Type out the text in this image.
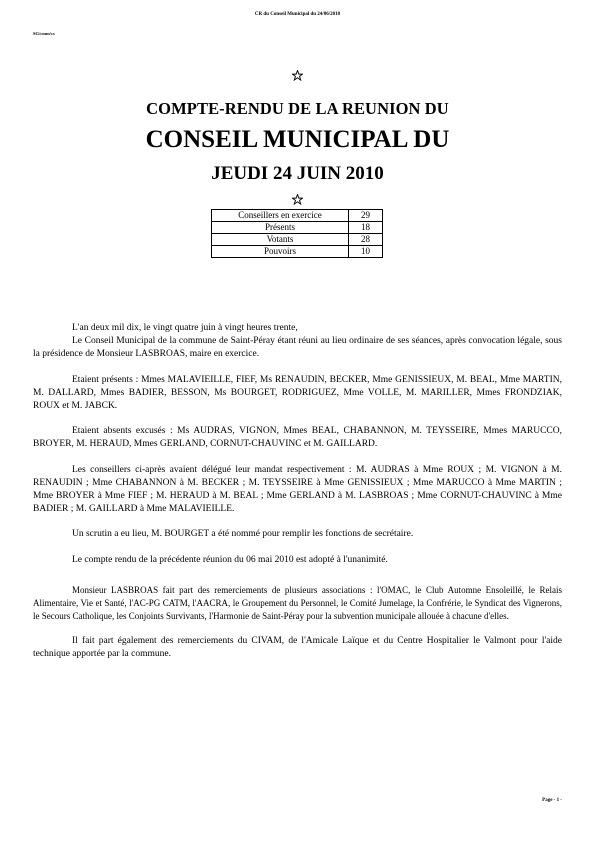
CR du Conseil Municipal du 24/06/2010
SG/cmm/cs
COMPTE-RENDU DE LA REUNION DU
CONSEIL MUNICIPAL DU
JEUDI 24 JUIN 2010
Conseillers en exercice	29
Présents	18
Votants	28
Pouvoirs	10

L'an deux mil dix, le vingt quatre juin à vingt heures trente,

Le Conseil Municipal de la commune de Saint-Péray étant réuni au lieu ordinaire de ses séances, après convocation légale, sous la présidence de Monsieur LASBROAS, maire en exercice.

Etaient présents : Mmes MALAVIEILLE, FIEF, Ms RENAUDIN, BECKER, Mme GENISSIEUX, M. BEAL, Mme MARTIN, M. DALLARD, Mmes BADIER, BESSON, Ms BOURGET, RODRIGUEZ, Mme VOLLE, M. MARILLER, Mmes FRONDZIAK, ROUX et M. JABCK.

Etaient absents excusés : Ms AUDRAS, VIGNON, Mmes BEAL, CHABANNON, M. TEYSSEIRE, Mmes MARUCCO, BROYER, M. HERAUD, Mmes GERLAND, CORNUT-CHAUVINC et M. GAILLARD.

Les conseillers ci-après avaient délégué leur mandat respectivement : M. AUDRAS à Mme ROUX ; M. VIGNON à M. RENAUDIN ; Mme CHABANNON à M. BECKER ; M. TEYSSEIRE à Mme GENISSIEUX ; Mme MARUCCO à Mme MARTIN ; Mme BROYER à Mme FIEF ; M. HERAUD à M. BEAL ; Mme GERLAND à M. LASBROAS ; Mme CORNUT-CHAUVINC à Mme BADIER ; M. GAILLARD à Mme MALAVIEILLE.

Un scrutin a eu lieu, M. BOURGET a été nommé pour remplir les fonctions de secrétaire.

Le compte rendu de la précédente réunion du 06 mai 2010 est adopté à l'unanimité.

Monsieur LASBROAS fait part des remerciements de plusieurs associations : l'OMAC, le Club Automne Ensoleillé, le Relais Alimentaire, Vie et Santé, l'AC-PG CATM, l'AACRA, le Groupement du Personnel, le Comité Jumelage, la Confrérie, le Syndicat des Vignerons, le Secours Catholique, les Conjoints Survivants, l'Harmonie de Saint-Péray pour la subvention municipale allouée à chacune d'elles.

Il fait part également des remerciements du CIVAM, de l'Amicale Laïque et du Centre Hospitalier le Valmont pour l'aide technique apportée par la commune.

Page - 1 -
